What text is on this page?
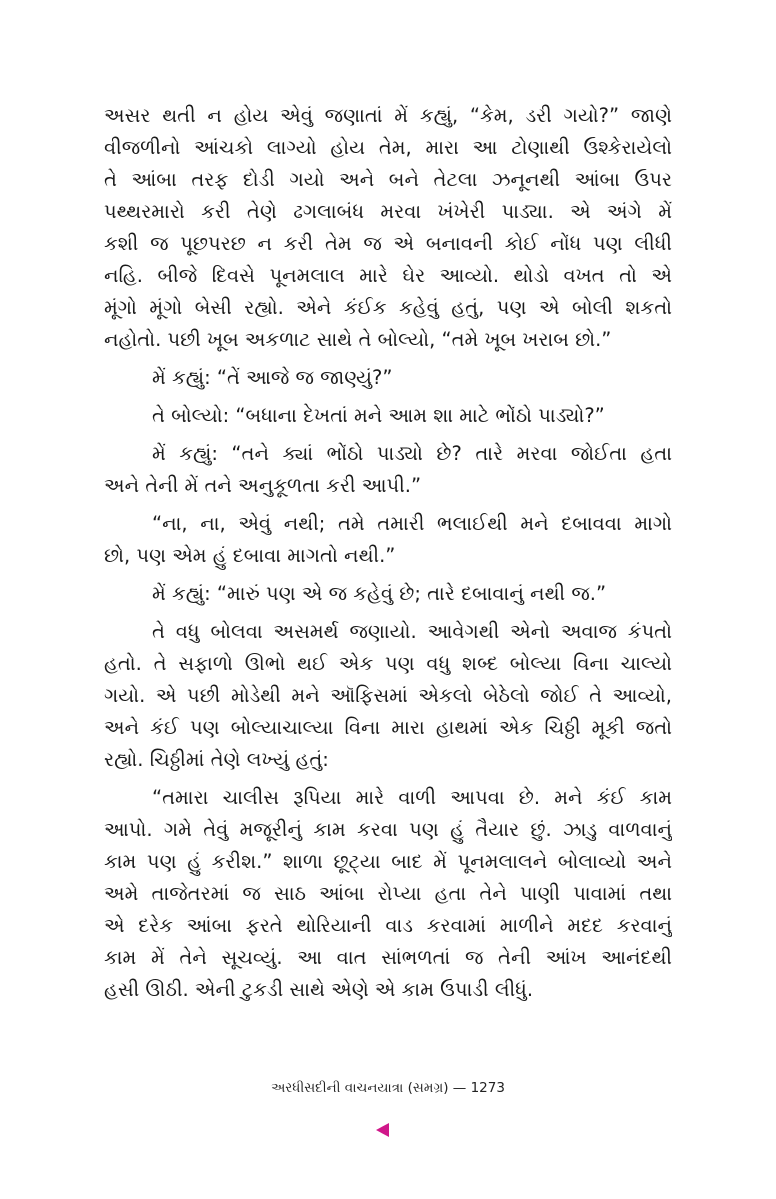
અસર થતી ન હોય એવું જણાતાં મેં કહ્યું, “કેમ, ડરી ગયો?” જાણે
વીજળીનો આંચકો લાગ્યો હોય તેમ, મારા આ ટોણાથી ઉશ્કેરાયેલો
તે આંબા તરફ દોડી ગયો અને બને તેટલા ઝનૂનથી આંબા ઉપર
પથ્થરમારો કરી તેણે ઢગલાબંધ મરવા ખંખેરી પાડ્યા. એ અંગે મેં
કશી જ પૂછપરછ ન કરી તેમ જ એ બનાવની કોઈ નોંધ પણ લીધી
નહિ. બીજે દિવસે પૂનમલાલ મારે ઘેર આવ્યો. થોડો વખત તો એ
મૂંગો મૂંગો બેસી રહ્યો. એને કંઈક કહેવું હતું, પણ એ બોલી શકતો
નહોતો. પછી ખૂબ અકળાટ સાથે તે બોલ્યો, “તમે ખૂબ ખરાબ છો.”
મેં કહ્યું: “તેં આજે જ જાણ્યું?”
તે બોલ્યો: “બધાના દેખતાં મને આમ શા માટે ભોંઠો પાડ્યો?”
મેં કહ્યું: “તને ક્યાં ભોંઠો પાડ્યો છે? તારે મરવા જોઈતા હતા
અને તેની મેં તને અનુકૂળતા કરી આપી.”
“ના, ના, એવું નથી; તમે તમારી ભલાઈથી મને દબાવવા માગો
છો, પણ એમ હું દબાવા માગતો નથી.”
મેં કહ્યું: “મારું પણ એ જ કહેવું છે; તારે દબાવાનું નથી જ.”
તે વધુ બોલવા અસમર્થ જણાયો. આવેગથી એનો અવાજ કંપતો
હતો. તે સફાળો ઊભો થઈ એક પણ વધુ શબ્દ બોલ્યા વિના ચાલ્યો
ગયો. એ પછી મોડેથી મને ઑફિસમાં એકલો બેઠેલો જોઈ તે આવ્યો,
અને કંઈ પણ બોલ્યાચાલ્યા વિના મારા હાથમાં એક ચિઠ્ઠી મૂકી જતો
રહ્યો. ચિઠ્ઠીમાં તેણે લખ્યું હતું:
“તમારા ચાલીસ રૂપિયા મારે વાળી આપવા છે. મને કંઈ કામ
આપો. ગમે તેવું મજૂરીનું કામ કરવા પણ હું તૈયાર છું. ઝાડુ વાળવાનું
કામ પણ હું કરીશ.” શાળા છૂટ્યા બાદ મેં પૂનમલાલને બોલાવ્યો અને
અમે તાજેતરમાં જ સાઠ આંબા રોપ્યા હતા તેને પાણી પાવામાં તથા
એ દરેક આંબા ફરતે થોરિયાની વાડ કરવામાં માળીને મદદ કરવાનું
કામ મેં તેને સૂચવ્યું. આ વાત સાંભળતાં જ તેની આંખ આનંદથી
હસી ઊઠી. એની ટુકડી સાથે એણે એ કામ ઉપાડી લીધું.
અરધીસદીની વાચનયાત્રા (સમગ્ર) — 1273
